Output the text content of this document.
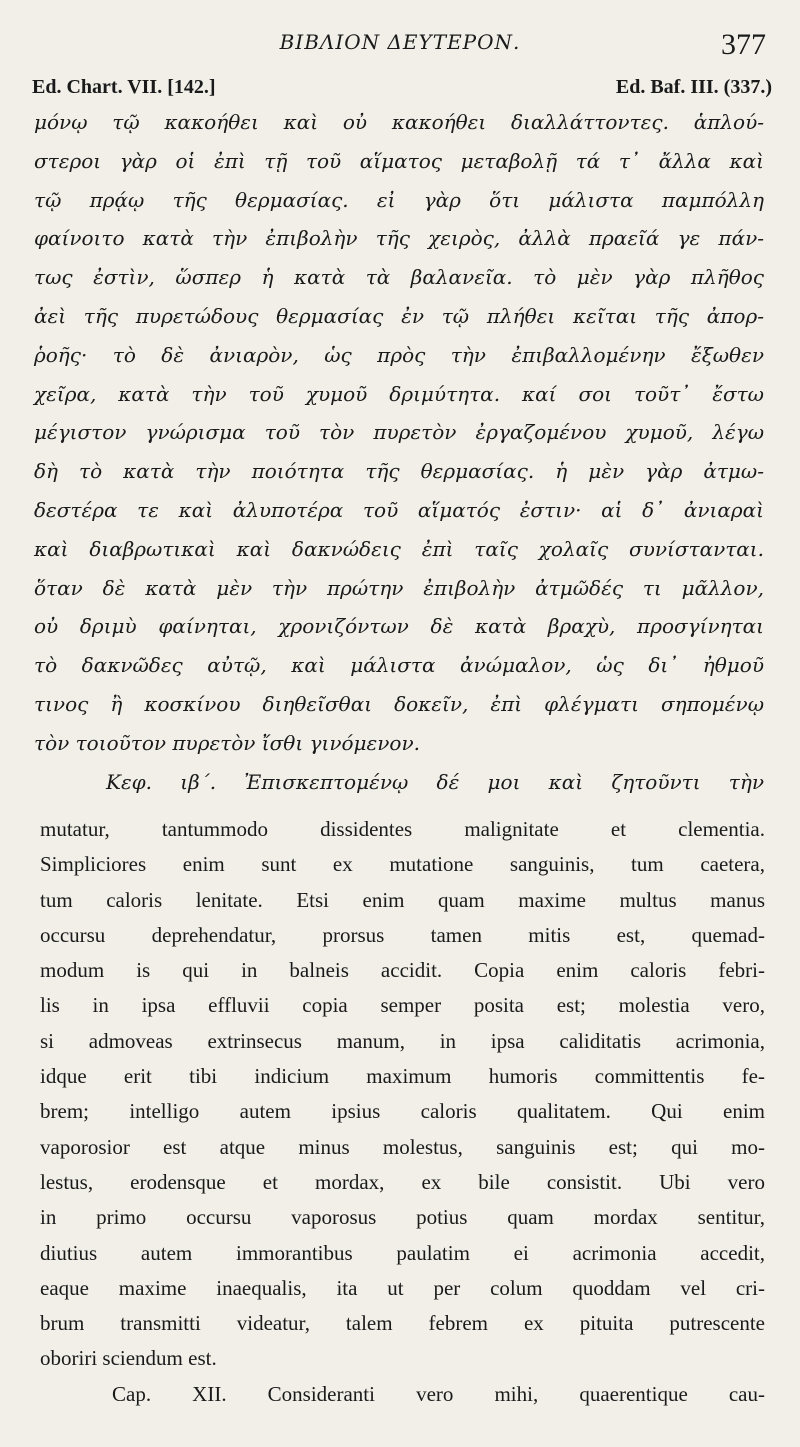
ΒΙΒΛΙΟΝ ΔΕΥΤΕΡΟΝ.	377
Ed. Chart. VII. [142.]	Ed. Baf. III. (337.)
μόνῳ τῷ κακοήθει καὶ οὐ κακοήθει διαλλάττοντες. ἁπλού-
στεροι γὰρ οἱ ἐπὶ τῇ τοῦ αἵματος μεταβολῇ τά τ᾽ ἄλλα καὶ
τῷ πρᾴῳ τῆς θερμασίας. εἰ γὰρ ὅτι μάλιστα παμπόλλη
φαίνοιτο κατὰ τὴν ἐπιβολὴν τῆς χειρὸς, ἀλλὰ πραεῖά γε πάν-
τως ἐστὶν, ὥσπερ ἡ κατὰ τὰ βαλανεῖα. τὸ μὲν γὰρ πλῆθος
ἀεὶ τῆς πυρετώδους θερμασίας ἐν τῷ πλήθει κεῖται τῆς ἀπορ-
ῥοῆς· τὸ δὲ ἀνιαρὸν, ὡς πρὸς τὴν ἐπιβαλλομένην ἔξωθεν
χεῖρα, κατὰ τὴν τοῦ χυμοῦ δριμύτητα. καί σοι τοῦτ᾽ ἔστω
μέγιστον γνώρισμα τοῦ τὸν πυρετὸν ἐργαζομένου χυμοῦ, λέγω
δὴ τὸ κατὰ τὴν ποιότητα τῆς θερμασίας. ἡ μὲν γὰρ ἀτμω-
δεστέρα τε καὶ ἀλυποτέρα τοῦ αἵματός ἐστιν· αἱ δ᾽ ἀνιαραὶ
καὶ διαβρωτικαὶ καὶ δακνώδεις ἐπὶ ταῖς χολαῖς συνίστανται.
ὅταν δὲ κατὰ μὲν τὴν πρώτην ἐπιβολὴν ἀτμῶδές τι μᾶλλον,
οὐ δριμὺ φαίνηται, χρονιζόντων δὲ κατὰ βραχὺ, προσγίνηται
τὸ δακνῶδες αὐτῷ, καὶ μάλιστα ἀνώμαλον, ὡς δι᾽ ἠθμοῦ
τινος ἢ κοσκίνου διηθεῖσθαι δοκεῖν, ἐπὶ φλέγματι σηπομένῳ
τὸν τοιοῦτον πυρετὸν ἴσθι γινόμενον.
Κεφ. ιβ΄. Ἐπισκεπτομένῳ δέ μοι καὶ ζητοῦντι τὴν
mutatur, tantummodo dissidentes malignitate et clementia.
Simpliciores enim sunt ex mutatione sanguinis, tum caetera,
tum caloris lenitate. Etsi enim quam maxime multus manus
occursu deprehendatur, prorsus tamen mitis est, quemad-
modum is qui in balneis accidit. Copia enim caloris febri-
lis in ipsa effluvii copia semper posita est; molestia vero,
si admoveas extrinsecus manum, in ipsa caliditatis acrimonia,
idque erit tibi indicium maximum humoris committentis fe-
brem; intelligo autem ipsius caloris qualitatem. Qui enim
vaporosior est atque minus molestus, sanguinis est; qui mo-
lestus, erodensque et mordax, ex bile consistit. Ubi vero
in primo occursu vaporosus potius quam mordax sentitur,
diutius autem immorantibus paulatim ei acrimonia accedit,
eaque maxime inaequalis, ita ut per colum quoddam vel cri-
brum transmitti videatur, talem febrem ex pituita putrescente
oboriri sciendum est.
Cap. XII. Consideranti vero mihi, quaerentique cau-
